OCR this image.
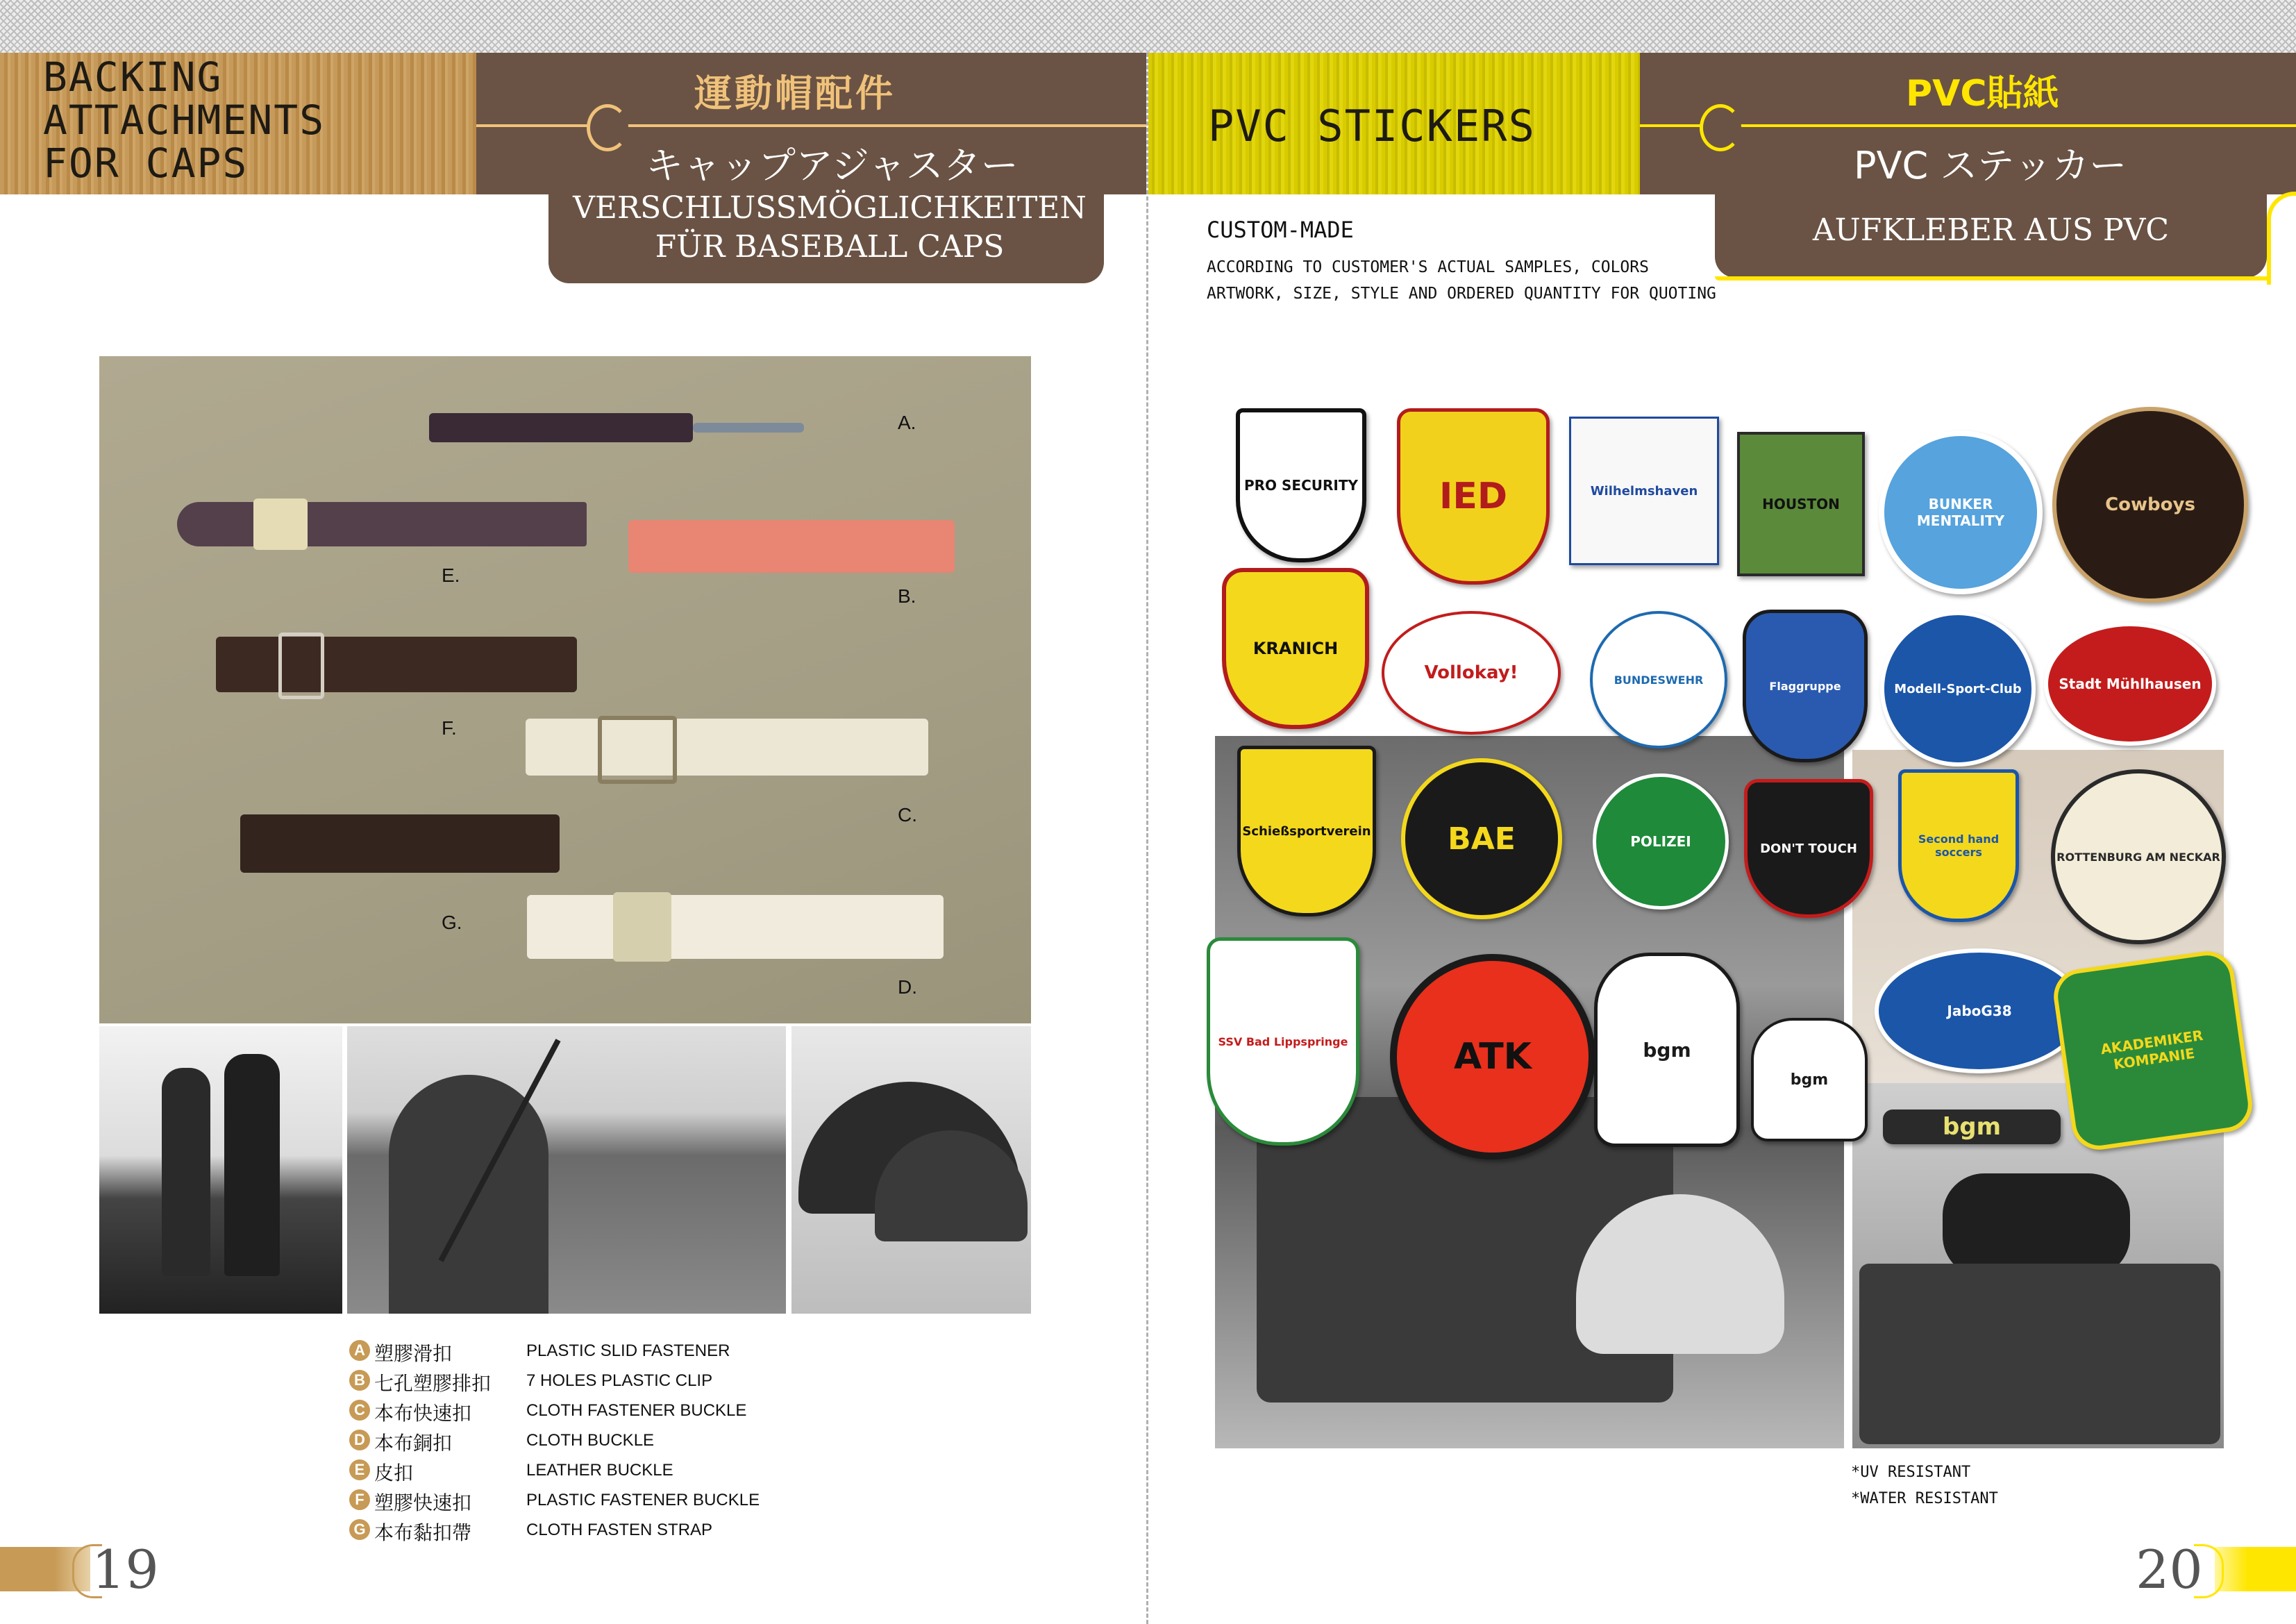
BACKING
ATTACHMENTS
FOR CAPS
運動帽配件
キャップアジャスター
VERSCHLUSSMÖGLICHKEITEN
FÜR BASEBALL CAPS
A.
E.
B.
F.
C.
G.
D.
A 塑膠滑扣	PLASTIC SLID FASTENER
B 七孔塑膠排扣 7 HOLES PLASTIC CLIP
C 本布快速扣	CLOTH FASTENER BUCKLE
D 本布銅扣	CLOTH BUCKLE
E 皮扣	LEATHER BUCKLE
F 塑膠快速扣	PLASTIC FASTENER BUCKLE
G 本布黏扣帶	CLOTH FASTEN STRAP
19
PVC STICKERS
PVC貼紙
PVC ステッカー
AUFKLEBER AUS PVC
CUSTOM-MADE
ACCORDING TO CUSTOMER'S ACTUAL SAMPLES, COLORS
ARTWORK, SIZE, STYLE AND ORDERED QUANTITY FOR QUOTING
PRO SECURITY IED	Wilhelmshaven
HOUSTON	BUNKER MENTALITY
Cowboys
KRANICH
Vollokay!	BUNDESWEHR	Flaggruppe	Modell-Sport-Club	Stadt Mühlhausen
Schießsportverein	BAE	POLIZEI	DON'T TOUCH
Second hand soccers	ROTTENBURG AM NECKAR
SSV Bad Lippspringe	ATK	bgm
bgm
JaboG38
AKADEMIKER KOMPANIE
bgm
*UV RESISTANT
*WATER RESISTANT
20
